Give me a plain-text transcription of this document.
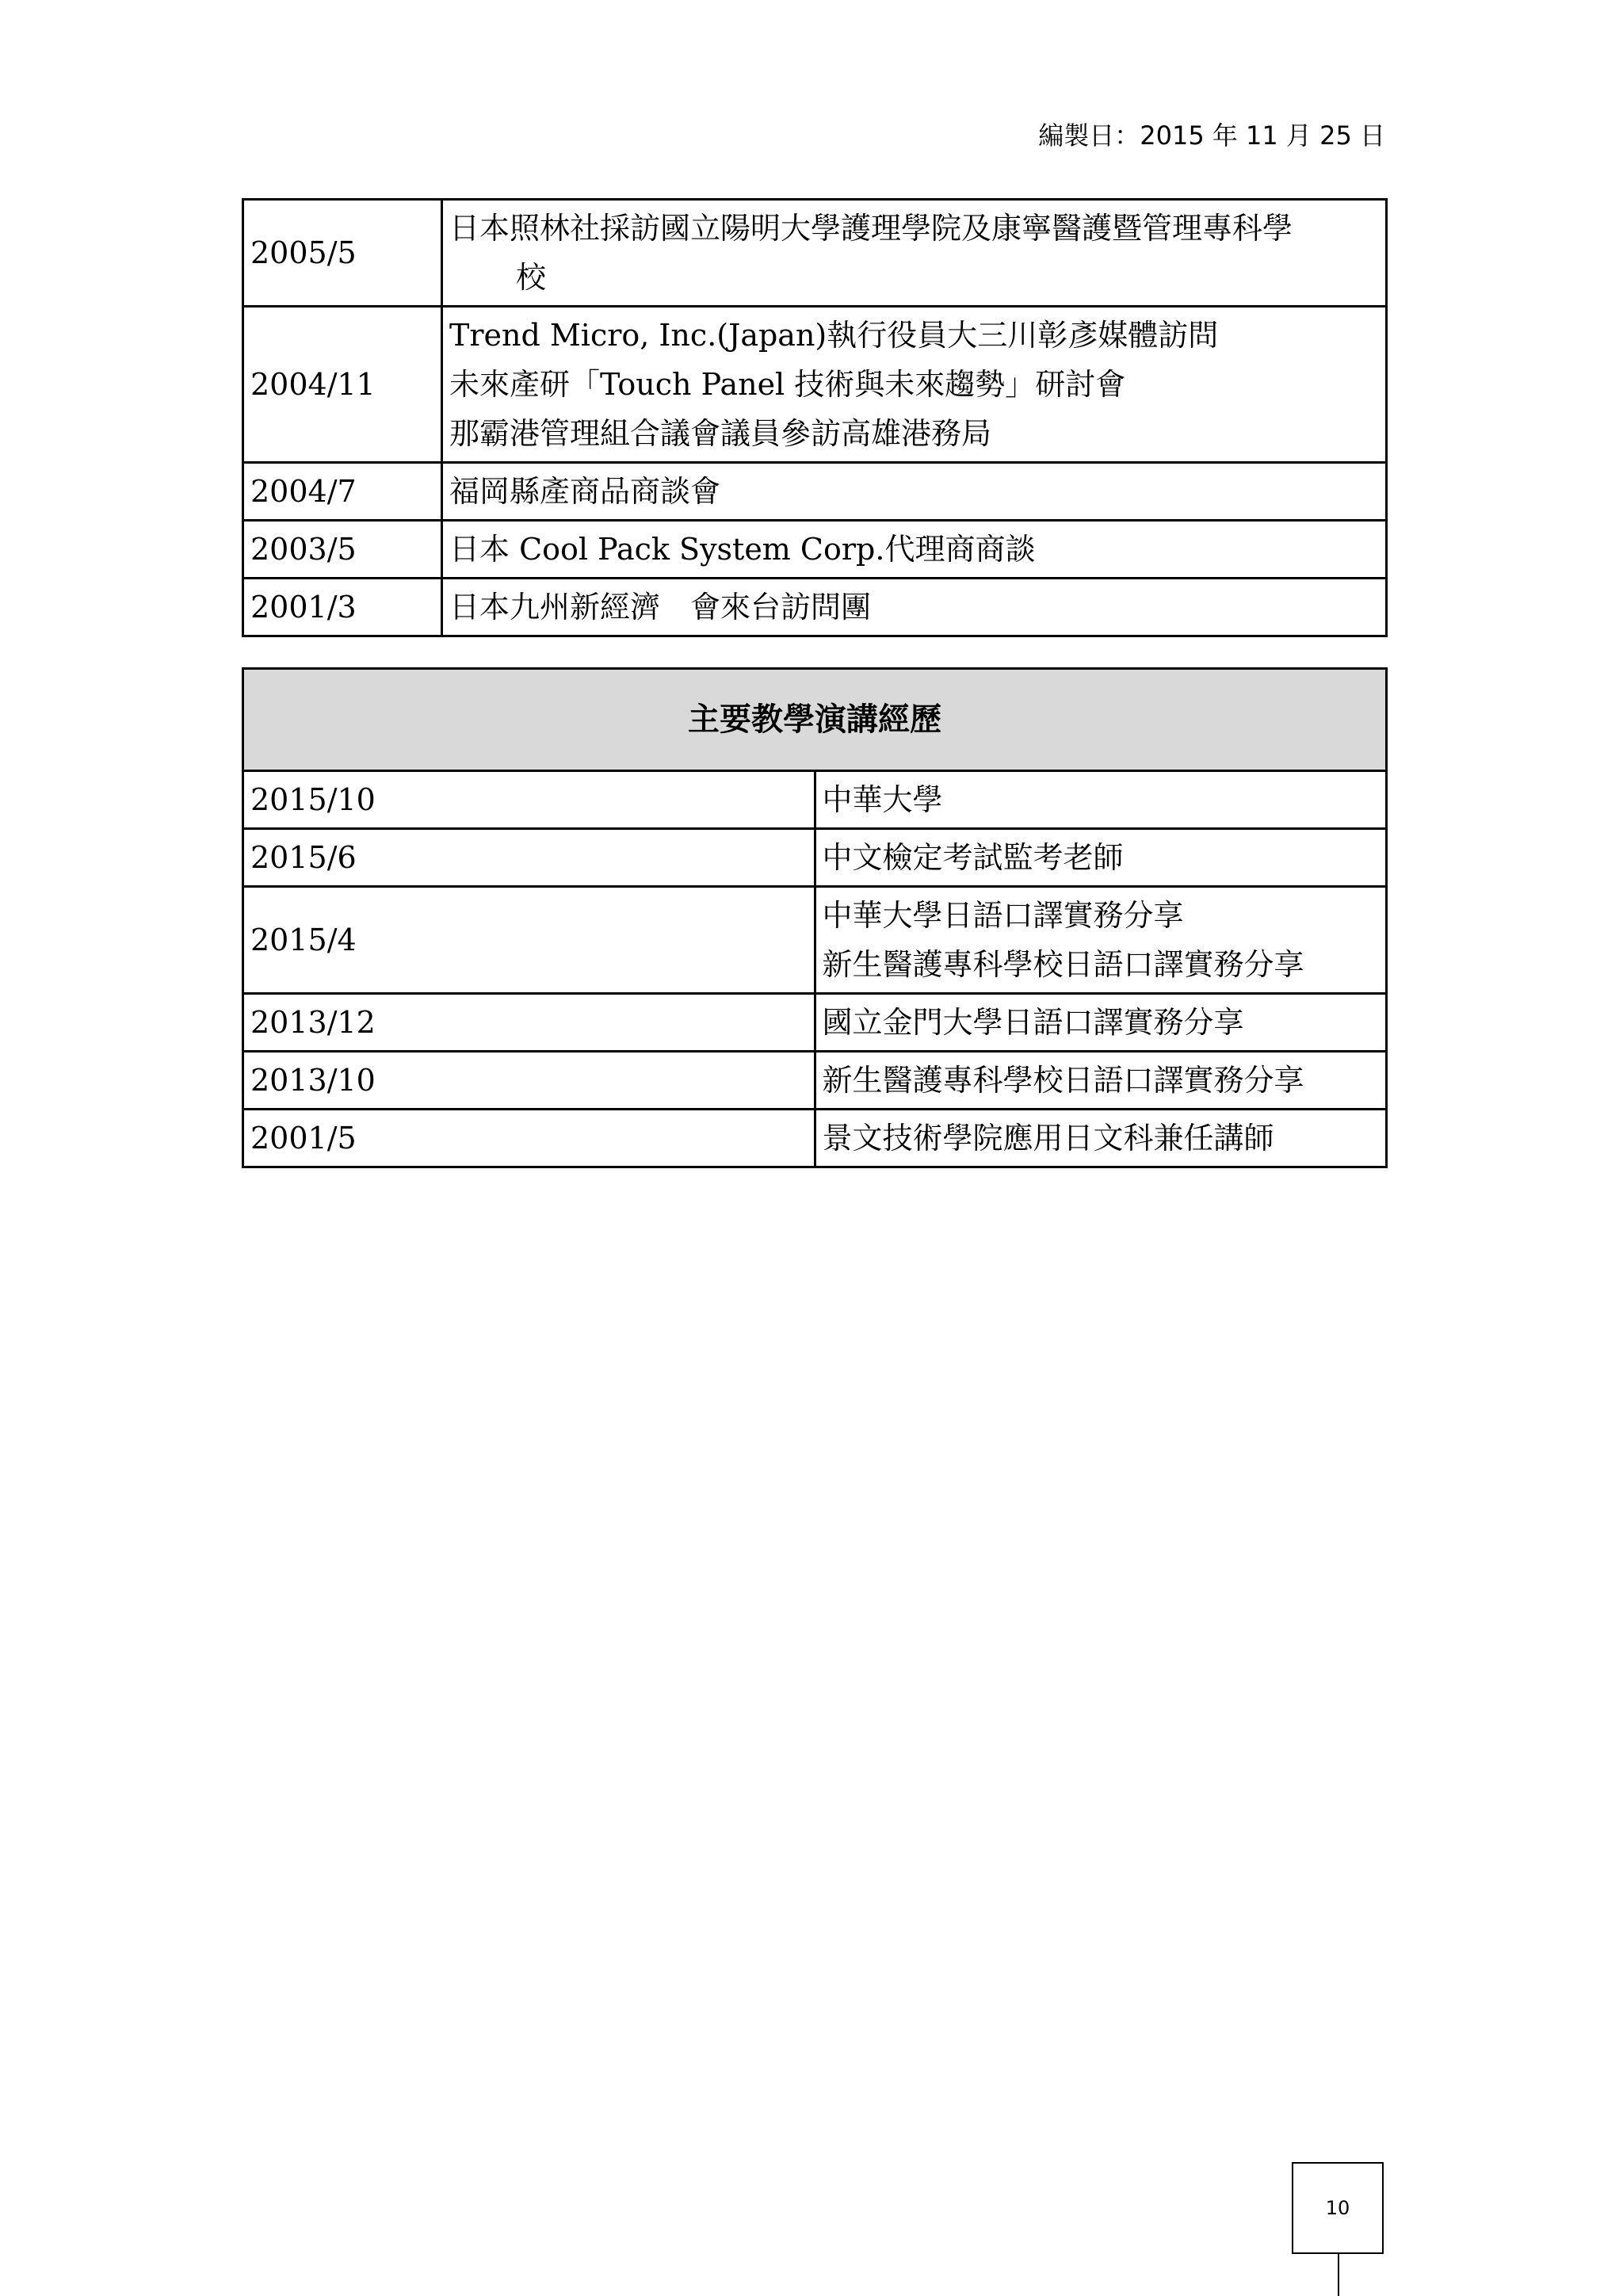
編製日：2015 年 11 月 25 日
2005/5	日本照林社採訪國立陽明大學護理學院及康寧醫護暨管理專科學
校

2004/11	Trend Micro, Inc.(Japan)執行役員大三川彰彥媒體訪問
未來產研「Touch Panel 技術與未來趨勢」研討會
那霸港管理組合議會議員參訪高雄港務局

2004/7	福岡縣產商品商談會

2003/5	日本 Cool Pack System Corp.代理商商談

2001/3	日本九州新經濟　會來台訪問團
主要教學演講經歷	
2015/10	中華大學

2015/6	中文檢定考試監考老師

2015/4	中華大學日語口譯實務分享
新生醫護專科學校日語口譯實務分享

2013/12	國立金門大學日語口譯實務分享

2013/10	新生醫護專科學校日語口譯實務分享

2001/5	景文技術學院應用日文科兼任講師
10
